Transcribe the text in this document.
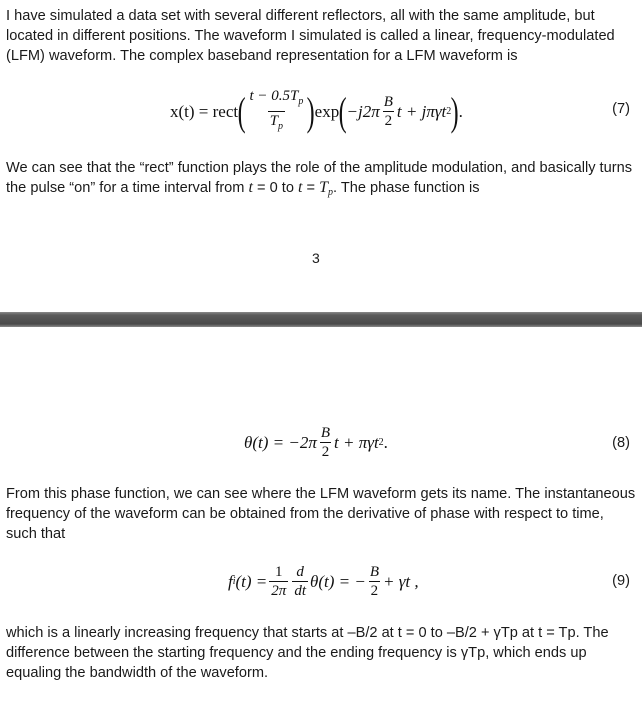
I have simulated a data set with several different reflectors, all with the same amplitude, but located in different positions. The waveform I simulated is called a linear, frequency-modulated (LFM) waveform. The complex baseband representation for a LFM waveform is

x(t) = rect ( $\frac{t - 0.5T_p}{T_p}$ ) exp ( $-j2\pi \frac{B}{2}$ t + jπγt 2 ) .	(7)

We can see that the “rect” function plays the role of the amplitude modulation, and basically turns the pulse “on” for a time interval from t = 0 to $t = T_p$. The phase function is

3
$\theta(t) = -2\pi \frac{B}{2}$ t + πγt 2 .	(8)

From this phase function, we can see where the LFM waveform gets its name. The instantaneous frequency of the waveform can be obtained from the derivative of phase with respect to time, such that

f i $(t) = \frac{1}{2\pi} \frac{d}{dt} \theta(t)$ = − $\frac{B}{2} + \gamma t$ ,	(9)

which is a linearly increasing frequency that starts at –B/2 at t = 0 to –B/2 + γTp at t = Tp. The difference between the starting frequency and the ending frequency is γTp, which ends up equaling the bandwidth of the waveform.
